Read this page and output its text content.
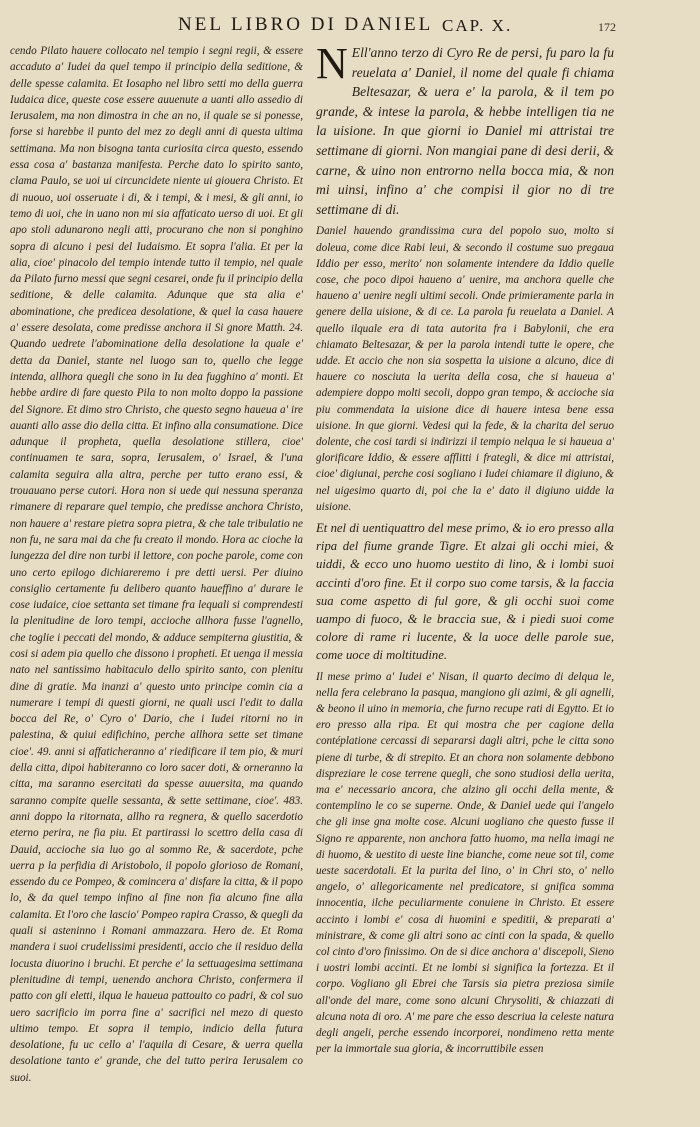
NEL LIBRO DI DANIEL CAP. X.	172

cendo Pilato hauere collocato nel tempio i segni regii, & essere accaduto a' Iudei da quel tempo il principio della seditione, & delle spesse calamita. Et Iosapho nel libro setti mo della guerra Iudaica dice, queste cose essere auuenute a uanti allo assedio di Ierusalem, ma non dimostra in che an no, il quale se si ponesse, forse si harebbe il punto del mez zo degli anni di questa ultima settimana. Ma non bisogna tanta curiosita circa questo, essendo essa cosa a' bastanza manifesta. Perche dato lo spirito santo, clama Paulo, se uoi ui circuncidete niente ui giouera Christo. Et di nuouo, uoi osseruate i di, & i tempi, & i mesi, & gli anni, io temo di uoi, che in uano non mi sia affaticato uerso di uoi. Et gli apo stoli adunarono negli atti, procurano che non si ponghino sopra di alcuno i pesi del Iudaismo. Et sopra l'alia. Et per la alia, cioe' pinacolo del tempio intende tutto il tempio, nel quale da Pilato furno messi que segni cesarei, onde fu il principio della seditione, & delle calamita. Adunque que sta alia e' abominatione, che predicea desolatione, & quel la casa hauere a' essere desolata, come predisse anchora il Si gnore Matth. 24. Quando uedrete l'abominatione della desolatione la quale e' detta da Daniel, stante nel luogo san to, quello che legge intenda, allhora quegli che sono in Iu dea fugghino a' monti. Et hebbe ardire di fare questo Pila to non molto doppo la passione del Signore. Et dimo stro Christo, che questo segno haueua a' ire auanti allo asse dio della citta. Et infino alla consumatione. Dice adunque il propheta, quella desolatione stillera, cioe' continuamen te sara, sopra, Ierusalem, o' Israel, & l'una calamita seguira alla altra, perche per tutto erano essi, & trouauano perse cutori. Hora non si uede qui nessuna speranza rimanere di reparare quel tempio, che predisse anchora Christo, non hauere a' restare pietra sopra pietra, & che tale tribulatio ne non fu, ne sara mai da che fu creato il mondo. Hora ac cioche la lungezza del dire non turbi il lettore, con poche parole, come con uno certo epilogo dichiareremo i pre detti uersi. Per diuino consiglio certamente fu delibero quanto haueffino a' durare le cose iudaice, cioe settanta set timane fra lequali si comprendesti la plenitudine de loro tempi, accioche allhora fusse l'agnello, che toglie i peccati del mondo, & adduce sempiterna giustitia, & cosi si adem pia quello che dissono i propheti. Et uenga il messia nato nel santissimo habitaculo dello spirito santo, con plenitu dine di gratie. Ma inanzi a' questo unto principe comin cia a numerare i tempi di questi giorni, ne quali usci l'edit to dalla bocca del Re, o' Cyro o' Dario, che i Iudei ritorni no in palestina, & quiui edifichino, perche allhora sette set timane cioe'. 49. anni si affaticheranno a' riedificare il tem pio, & muri della citta, dipoi habiteranno co loro sacer doti, & orneranno la citta, ma saranno esercitati da spesse auuersita, ma quando saranno compite quelle sessanta, & sette settimane, cioe'. 483. anni doppo la ritornata, allho ra regnera, & quello sacerdotio eterno perira, ne fia piu. Et partirassi lo scettro della casa di Dauid, accioche sia luo go al sommo Re, & sacerdote, pche uerra p la perfidia di Aristobolo, il popolo glorioso de Romani, essendo du ce Pompeo, & comincera a' disfare la citta, & il popo lo, & da quel tempo infino al fine non fia alcuno fine alla calamita. Et l'oro che lascio' Pompeo rapira Crasso, & quegli da quali si asteninno i Romani ammazzara. Hero de. Et Roma mandera i suoi crudelissimi presidenti, accio che il residuo della locusta diuorino i bruchi. Et perche e' la settuagesima settimana plenitudine di tempi, uenendo anchora Christo, confermera il patto con gli eletti, ilqua le haueua pattouito co padri, & col suo uero sacrificio im porra fine a' sacrifici nel mezo di questo ultimo tempo. Et sopra il tempio, indicio della futura desolatione, fu uc cello a' l'aquila di Cesare, & uerra quella desolatione tanto e' grande, che del tutto perira Ierusalem co suoi.

N Ell'anno terzo di Cyro Re de persi, fu paro la fu reuelata a' Daniel, il nome del quale fi chiama Beltesazar, & uera e' la parola, & il tem po grande, & intese la parola, & hebbe intelligen tia ne la uisione. In que giorni io Daniel mi attristai tre settimane di giorni. Non mangiai pane di desi derii, & carne, & uino non entrorno nella bocca mia, & non mi uinsi, infino a' che compisi il gior no di tre settimane di di.

Daniel hauendo grandissima cura del popolo suo, molto si doleua, come dice Rabi leui, & secondo il costume suo pregaua Iddio per esso, merito' non solamente intendere da Iddio quelle cose, che poco dipoi haueno a' uenire, ma anchora quelle che haueno a' uenire negli ultimi secoli. Onde primieramente parla in genere della uisione, & di ce. La parola fu reuelata a Daniel. A quello ilquale era di tata autorita fra i Babylonii, che era chiamato Beltesazar, & per la parola intendi tutte le opere, che udde. Et accio che non sia sospetta la uisione a alcuno, dice di hauere co nosciuta la uerita della cosa, che si haueua a' adempiere doppo molti secoli, doppo gran tempo, & accioche sia piu commendata la uisione dice di hauere intesa bene essa uisione. In que giorni. Vedesi qui la fede, & la charita del seruo dolente, che cosi tardi si indirizzi il tempio nelqua le si haueua a' glorificare Iddio, & essere afflitti i frategli, & dice mi attristai, cioe' digiunai, perche cosi sogliano i Iudei chiamare il digiuno, & nel uigesimo quarto di, poi che la e' dato il digiuno uidde la uisione.

Et nel di uentiquattro del mese primo, & io ero presso alla ripa del fiume grande Tigre. Et alzai gli occhi miei, & uiddi, & ecco uno huomo uestito di lino, & i lombi suoi accinti d'oro fine. Et il corpo suo come tarsis, & la faccia sua come aspetto di ful gore, & gli occhi suoi come uampo di fuoco, & le braccia sue, & i piedi suoi come colore di rame ri lucente, & la uoce delle parole sue, come uoce di moltitudine.

Il mese primo a' Iudei e' Nisan, il quarto decimo di delqua le, nella fera celebrano la pasqua, mangiono gli azimi, & gli agnelli, & beono il uino in memoria, che furno recupe rati di Egytto. Et io ero presso alla ripa. Et qui mostra che per cagione della contéplatione cercassi di separarsi dagli altri, pche le citta sono piene di turbe, & di strepito. Et an chora non solamente debbono dispreziare le cose terrene quegli, che sono studiosi della uerita, ma e' necessario ancora, che alzino gli occhi della mente, & contemplino le co se superne. Onde, & Daniel uede qui l'angelo che gli inse gna molte cose. Alcuni uogliano che questo fusse il Signo re apparente, non anchora fatto huomo, ma nella imagi ne di huomo, & uestito di ueste line bianche, come neue sot til, come ueste sacerdotali. Et la purita del lino, o' in Chri sto, o' nello angelo, o' allegoricamente nel predicatore, si gnifica somma innocentia, ilche peculiarmente conuiene in Christo. Et essere accinto i lombi e' cosa di huomini e speditii, & preparati a' ministrare, & come gli altri sono ac cinti con la spada, & quello col cinto d'oro finissimo. On de si dice anchora a' discepoli, Sieno i uostri lombi accinti. Et ne lombi si significa la fortezza. Et il corpo. Vogliano gli Ebrei che Tarsis sia pietra preziosa simile all'onde del mare, come sono alcuni Chrysoliti, & chiazzati di alcuna nota di oro. A' me pare che esso descriua la celeste natura degli angeli, perche essendo incorporei, nondimeno retta mente per la immortale sua gloria, & incorruttibile essen
